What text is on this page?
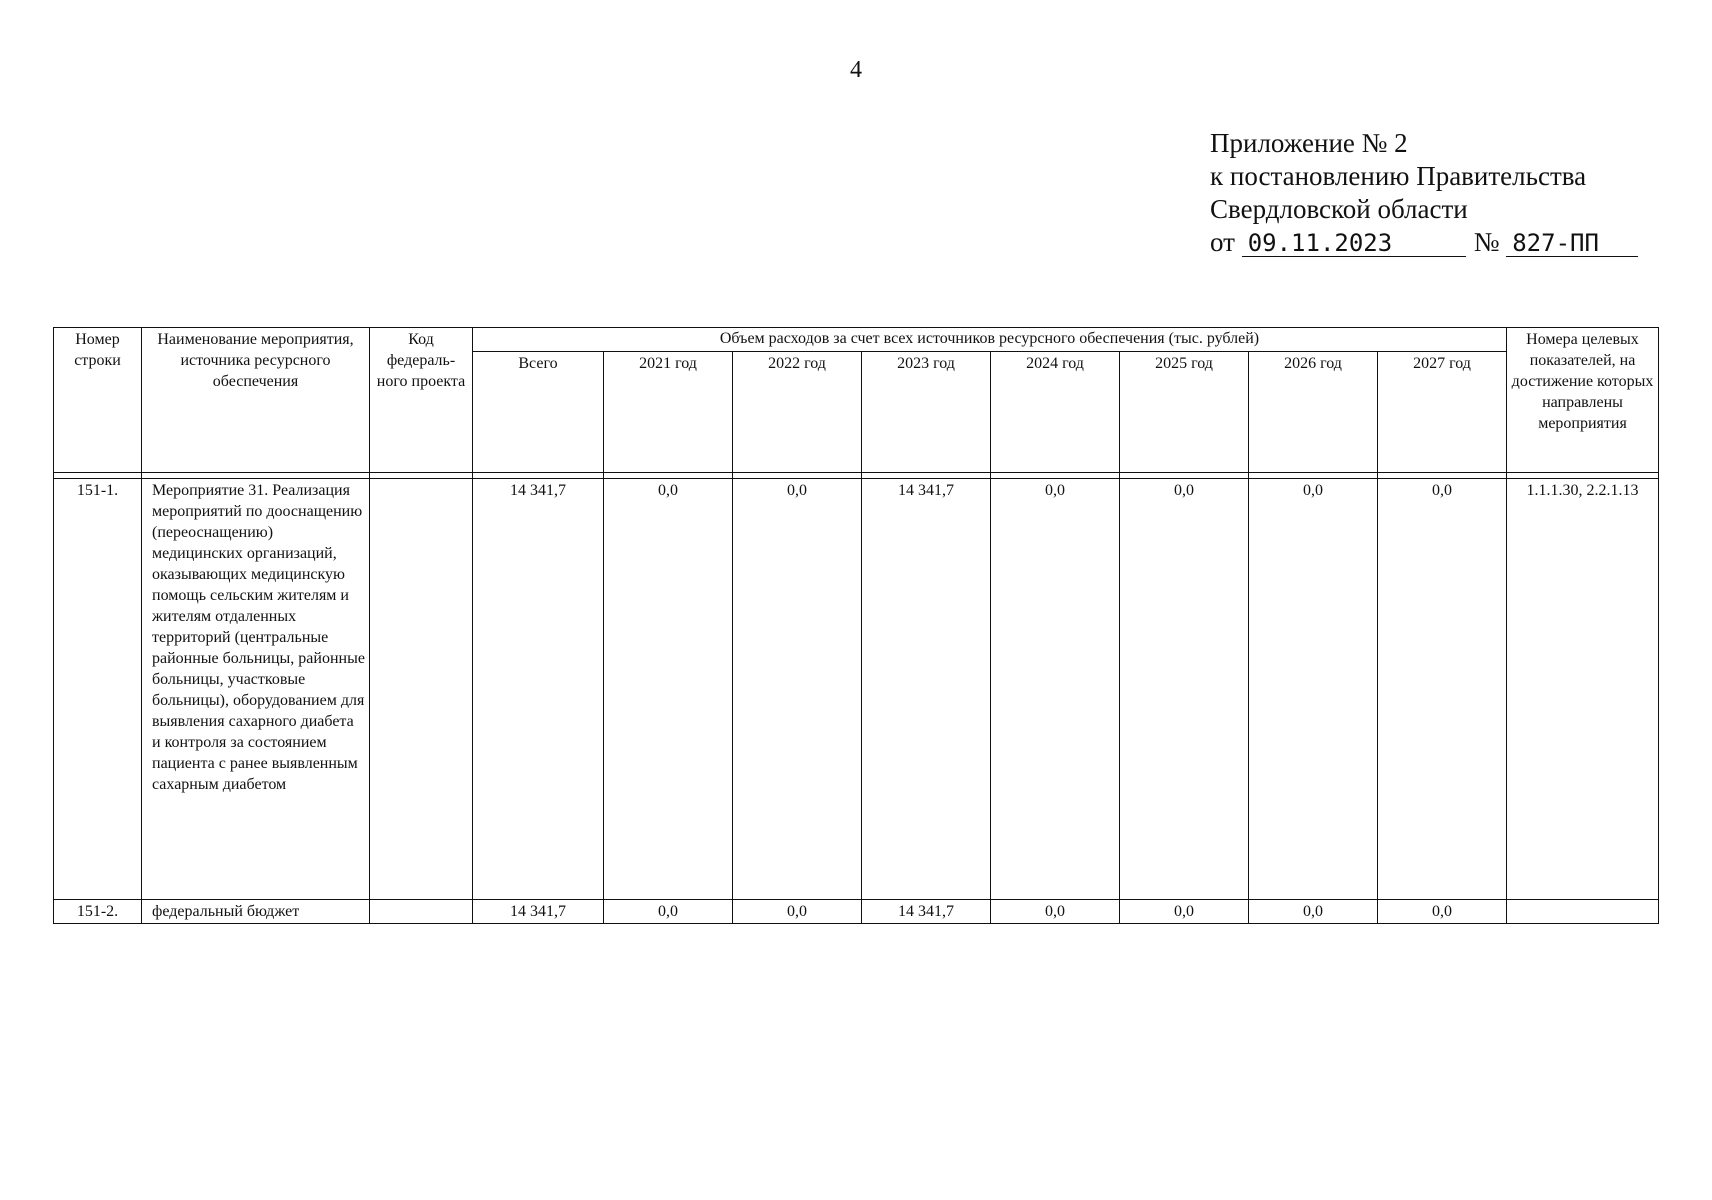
4
Приложение № 2
к постановлению Правительства
Свердловской области
от 09.11.2023	№ 827-ПП
Номер строки	Наименование мероприятия, источника ресурсного обеспечения	Код федераль-ного проекта	Объем расходов за счет всех источников ресурсного обеспечения (тыс. рублей)								Номера целевых показателей, на достижение которых направлены мероприятия
			Всего	2021 год	2022 год	2023 год	2024 год	2025 год	2026 год	2027 год	

151-1.	Мероприятие 31. Реализация мероприятий по дооснащению (переоснащению) медицинских организаций, оказывающих медицинскую помощь сельским жителям и жителям отдаленных территорий (центральные районные больницы, районные больницы, участковые больницы), оборудованием для выявления сахарного диабета и контроля за состоянием пациента с ранее выявленным сахарным диабетом		14 341,7	0,0	0,0	14 341,7	0,0	0,0	0,0	0,0	1.1.1.30, 2.2.1.13
151-2.	федеральный бюджет		14 341,7	0,0	0,0	14 341,7	0,0	0,0	0,0	0,0	
